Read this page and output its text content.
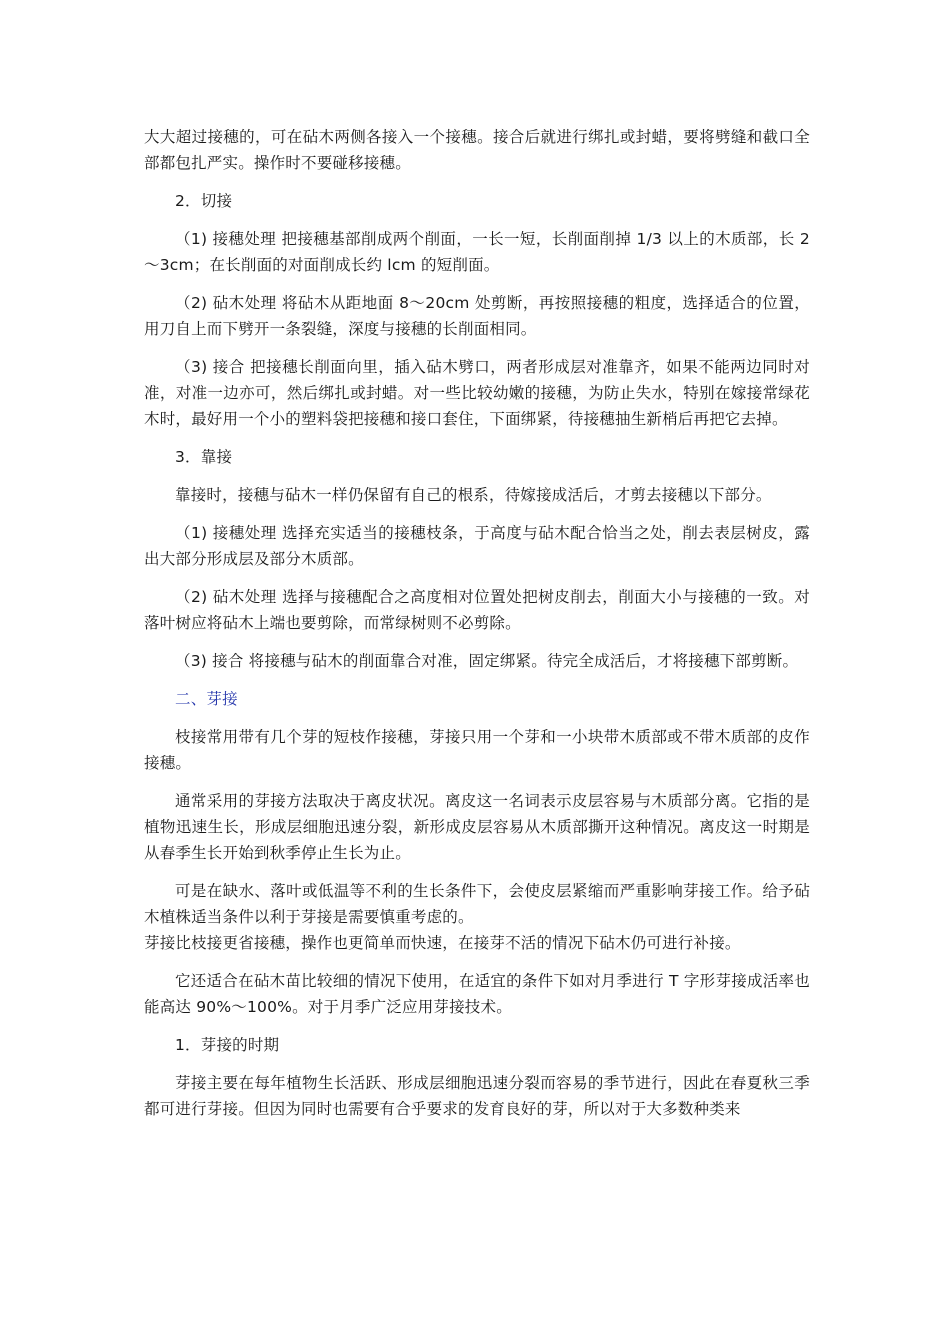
大大超过接穗的，可在砧木两侧各接入一个接穗。接合后就进行绑扎或封蜡，要将劈缝和截口全部都包扎严实。操作时不要碰移接穗。

2．切接

（1) 接穗处理 把接穗基部削成两个削面，一长一短，长削面削掉 1/3 以上的木质部，长 2～3cm；在长削面的对面削成长约 lcm 的短削面。

（2) 砧木处理 将砧木从距地面 8～20cm 处剪断，再按照接穗的粗度，选择适合的位置，用刀自上而下劈开一条裂缝，深度与接穗的长削面相同。

（3) 接合 把接穗长削面向里，插入砧木劈口，两者形成层对准靠齐，如果不能两边同时对准，对准一边亦可，然后绑扎或封蜡。对一些比较幼嫩的接穗，为防止失水，特别在嫁接常绿花木时，最好用一个小的塑料袋把接穗和接口套住，下面绑紧，待接穗抽生新梢后再把它去掉。

3．靠接

靠接时，接穗与砧木一样仍保留有自己的根系，待嫁接成活后，才剪去接穗以下部分。

（1) 接穗处理 选择充实适当的接穗枝条，于高度与砧木配合恰当之处，削去表层树皮，露出大部分形成层及部分木质部。

（2) 砧木处理 选择与接穗配合之高度相对位置处把树皮削去，削面大小与接穗的一致。对落叶树应将砧木上端也要剪除，而常绿树则不必剪除。

（3) 接合 将接穗与砧木的削面靠合对准，固定绑紧。待完全成活后，才将接穗下部剪断。

二、芽接

枝接常用带有几个芽的短枝作接穗，芽接只用一个芽和一小块带木质部或不带木质部的皮作接穗。

通常采用的芽接方法取决于离皮状况。离皮这一名词表示皮层容易与木质部分离。它指的是植物迅速生长，形成层细胞迅速分裂，新形成皮层容易从木质部撕开这种情况。离皮这一时期是从春季生长开始到秋季停止生长为止。

可是在缺水、落叶或低温等不利的生长条件下，会使皮层紧缩而严重影响芽接工作。给予砧木植株适当条件以利于芽接是需要慎重考虑的。

芽接比枝接更省接穗，操作也更简单而快速，在接芽不活的情况下砧木仍可进行补接。

它还适合在砧木苗比较细的情况下使用，在适宜的条件下如对月季进行 T 字形芽接成活率也能高达 90%～100%。对于月季广泛应用芽接技术。

1．芽接的时期

芽接主要在每年植物生长活跃、形成层细胞迅速分裂而容易的季节进行，因此在春夏秋三季都可进行芽接。但因为同时也需要有合乎要求的发育良好的芽，所以对于大多数种类来
